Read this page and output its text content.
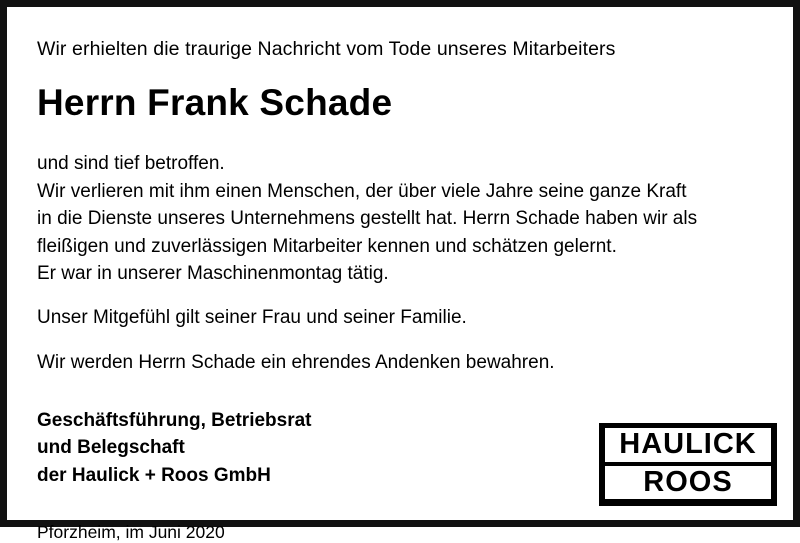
Wir erhielten die traurige Nachricht vom Tode unseres Mitarbeiters

Herrn Frank Schade

und sind tief betroffen.

Wir verlieren mit ihm einen Menschen, der über viele Jahre seine ganze Kraft

in die Dienste unseres Unternehmens gestellt hat. Herrn Schade haben wir als

fleißigen und zuverlässigen Mitarbeiter kennen und schätzen gelernt.

Er war in unserer Maschinenmontag tätig.

Unser Mitgefühl gilt seiner Frau und seiner Familie.

Wir werden Herrn Schade ein ehrendes Andenken bewahren.

Geschäftsführung, Betriebsrat

und Belegschaft

der Haulick + Roos GmbH

Pforzheim, im Juni 2020

HAULICK
ROOS
